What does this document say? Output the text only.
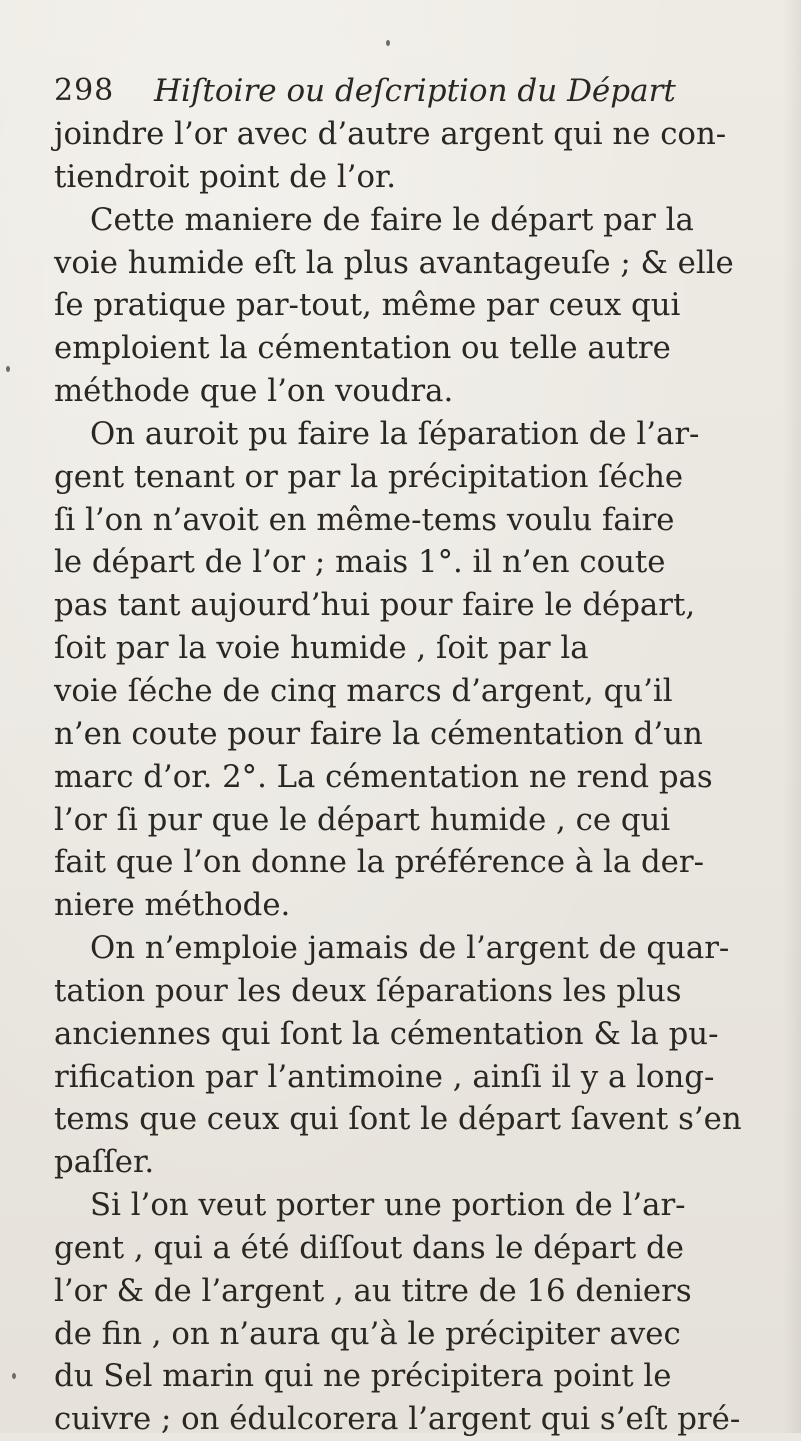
298 Hiſtoire ou deſcription du Départ
joindre l’or avec d’autre argent qui ne con-
tiendroit point de l’or.
Cette maniere de faire le départ par la
voie humide eſt la plus avantageuſe ; & elle
ſe pratique par-tout, même par ceux qui
emploient la cémentation ou telle autre
méthode que l’on voudra.
On auroit pu faire la ſéparation de l’ar-
gent tenant or par la précipitation ſéche
ſi l’on n’avoit en même-tems voulu faire
le départ de l’or ; mais 1°. il n’en coute
pas tant aujourd’hui pour faire le départ,
ſoit par la voie humide , ſoit par la
voie ſéche de cinq marcs d’argent, qu’il
n’en coute pour faire la cémentation d’un
marc d’or. 2°. La cémentation ne rend pas
l’or ſi pur que le départ humide , ce qui
fait que l’on donne la préférence à la der-
niere méthode.
On n’emploie jamais de l’argent de quar-
tation pour les deux ſéparations les plus
anciennes qui ſont la cémentation & la pu-
rification par l’antimoine , ainſi il y a long-
tems que ceux qui ſont le départ ſavent s’en
paſſer.
Si l’on veut porter une portion de l’ar-
gent , qui a été diſſout dans le départ de
l’or & de l’argent , au titre de 16 deniers
de fin , on n’aura qu’à le précipiter avec
du Sel marin qui ne précipitera point le
cuivre ; on édulcorera l’argent qui s’eſt pré-
